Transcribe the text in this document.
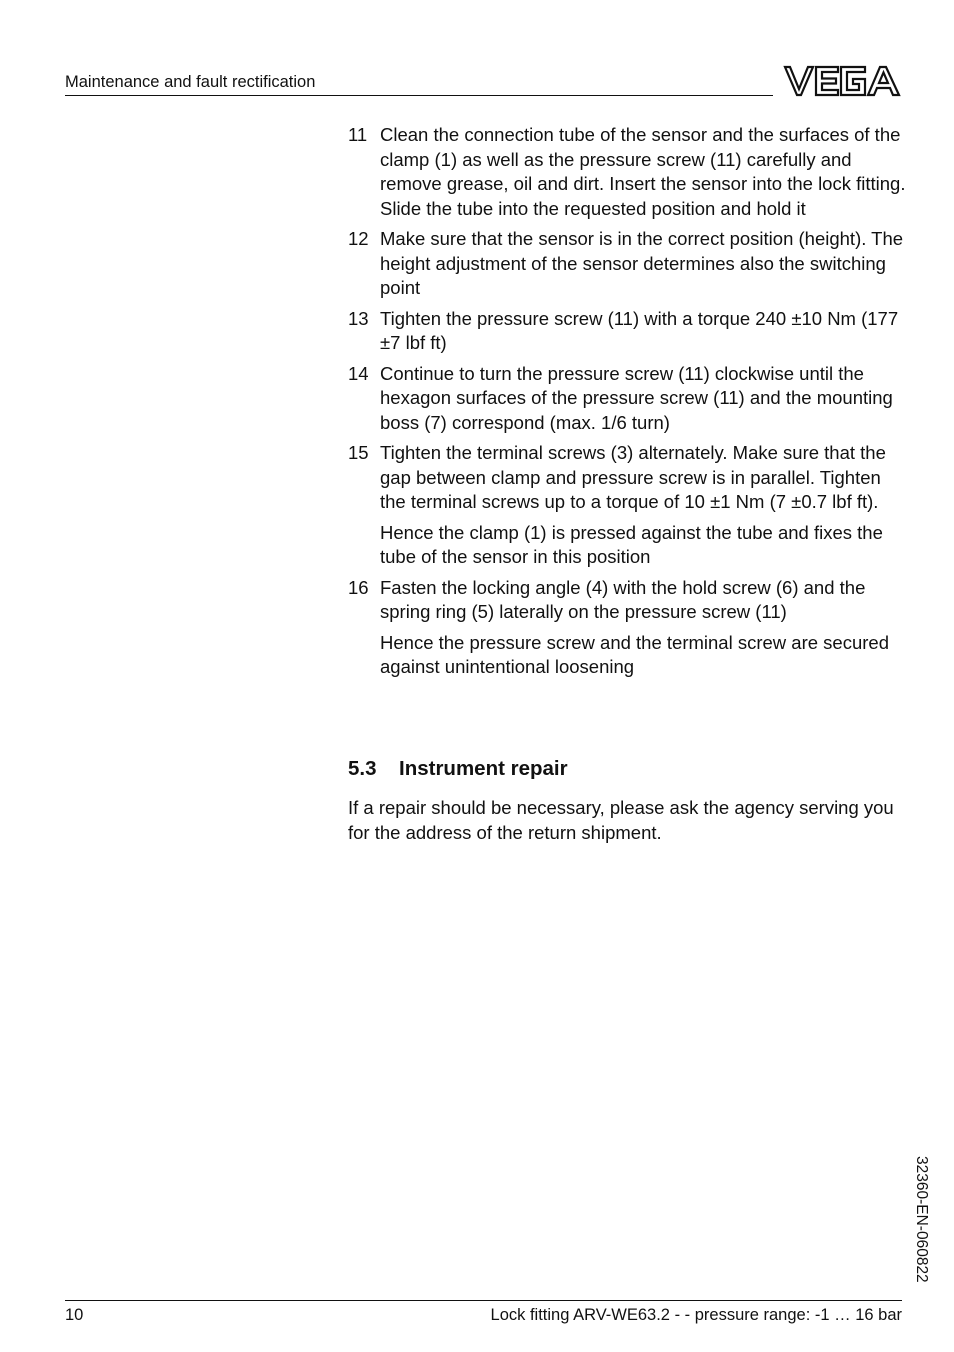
Maintenance and fault rectification
11 Clean the connection tube of the sensor and the surfaces of the clamp (1) as well as the pressure screw (11) carefully and remove grease, oil and dirt. Insert the sensor into the lock fitting. Slide the tube into the requested position and hold it
12 Make sure that the sensor is in the correct position (height). The height adjustment of the sensor determines also the switching point
13 Tighten the pressure screw (11) with a torque 240 ±10 Nm (177 ±7 lbf ft)
14 Continue to turn the pressure screw (11) clockwise until the hexagon surfaces of the pressure screw (11) and the mounting boss (7) correspond (max. 1/6 turn)
15 Tighten the terminal screws (3) alternately. Make sure that the gap between clamp and pressure screw is in parallel. Tighten the terminal screws up to a torque of 10 ±1 Nm (7 ±0.7 lbf ft).
Hence the clamp (1) is pressed against the tube and fixes the tube of the sensor in this position
16 Fasten the locking angle (4) with the hold screw (6) and the spring ring (5) laterally on the pressure screw (11)
Hence the pressure screw and the terminal screw are secured against unintentional loosening
5.3 Instrument repair
If a repair should be necessary, please ask the agency serving you for the address of the return shipment.
32360-EN-060822
10	Lock fitting ARV-WE63.2 - - pressure range: -1 … 16 bar
